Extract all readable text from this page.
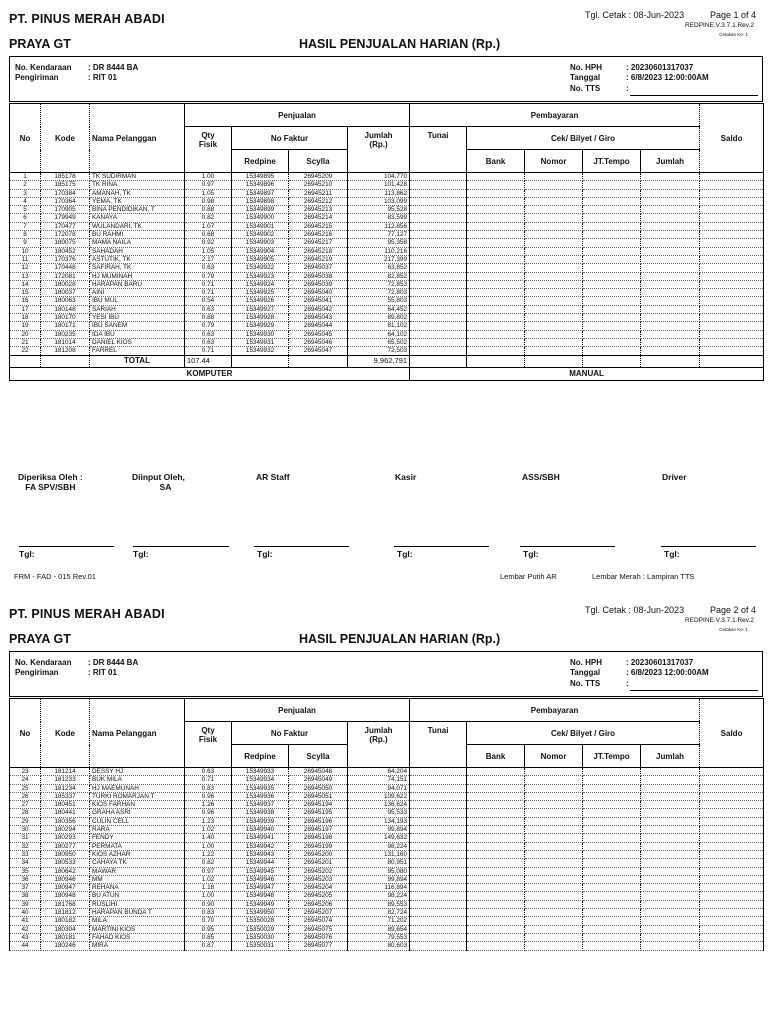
PT. PINUS MERAH ABADI
PRAYA GT	HASIL PENJUALAN HARIAN (Rp.)
Tgl. Cetak : 08-Jun-2023	Page 1 of 4
REDPINE.V.3.7.1.Rev.2
Cetakan Ke- 1
No. Kendaraan : DR 8444 BA
Pengiriman	: RIT 01
No. HPH	: 20230601317037
Tanggal	: 6/8/2023 12:00:00AM
No. TTS	:
No	Kode	Nama Pelanggan	Penjualan				Pembayaran					Saldo
			Qty
Fisik	No Faktur		Jumlah
(Rp.)	Tunai	Cek/ Bilyet / Giro				
				Redpine	Scylla			Bank	Nomor	JT.Tempo	Jumlah	
1	185178	TK SUDIRMAN	1.00	15349895	26945209	104,770						
2	185175	TK RINA	0.97	15349896	26945210	101,428						
3	170384	AMANAH, TK	1.05	15349897	26945211	113,862						
4	170364	YEMA, TK	0.98	15349898	26945212	103,099						
5	170905	BINA PENDIDIKAN, T	0.88	15349899	26945213	95,528						
6	179949	KANAYA	0.82	15349900	26945214	83,599						
7	170477	WULANDARI, TK	1.07	15349901	26945215	112,856						
8	172078	BU RAHMI	0.68	15349902	26945216	77,127						
9	180075	MAMA NAILA	0.92	15349903	26945217	95,358						
10	180452	SAHADAH	1.05	15349904	26945218	110,216						
11	170376	ASTUTIK, TK	2.17	15349905	26945219	217,399						
12	170448	SAFIRAH, TK	0.63	15349922	26945037	63,852						
13	172081	HJ MUMINAH	0.79	15349923	26945038	82,852						
14	180028	HARAPAN BARU	0.71	15349924	26945039	72,853						
15	180037	AINI	0.71	15349925	26945040	72,803						
16	180063	IBU MUL	0.54	15349926	26945041	55,803						
17	180148	SARIAH	0.63	15349927	26945042	64,452						
18	180170	YESI IBU	0.88	15349928	26945043	89,802						
19	180171	IBU SANEM	0.79	15349929	26945044	81,102						
20	180235	IDA IBU	0.63	15349930	26945045	64,102						
21	181014	DANIEL KIOS	0.63	15349931	26945046	65,502						
22	181208	FARREL	0.71	15349932	26945047	72,503						
		TOTAL	107.44			9,962,791						
KOMPUTER							MANUAL					
Diperiksa Oleh :
FA SPV/SBH
Diinput Oleh,
SA
AR Staff	Kasir	ASS/SBH	Driver
Tgl:	Tgl:	Tgl:	Tgl:	Tgl:	Tgl:
FRM - FAD - 015 Rev.01	Lembar Putih AR	Lembar Merah : Lampiran TTS
PT. PINUS MERAH ABADI
PRAYA GT	HASIL PENJUALAN HARIAN (Rp.)
Tgl. Cetak : 08-Jun-2023	Page 2 of 4
REDPINE.V.3.7.1.Rev.2
Cetakan Ke- 1
No. Kendaraan : DR 8444 BA
Pengiriman	: RIT 01
No. HPH	: 20230601317037
Tanggal	: 6/8/2023 12:00:00AM
No. TTS	:
No	Kode	Nama Pelanggan	Penjualan				Pembayaran					Saldo
			Qty
Fisik	No Faktur		Jumlah
(Rp.)	Tunai	Cek/ Bilyet / Giro				
				Redpine	Scylla			Bank	Nomor	JT.Tempo	Jumlah	
23	181214	DESSY HJ	0.63	15349933	26945048	64,204						
24	181233	BUK MILA	0.71	15349934	26945049	74,151						
25	181234	HJ MAEMUNAH	0.83	15349935	26945050	94,071						
26	185337	TURKI ROMARJAN T	0.96	15349936	26945051	109,622						
27	180451	KIOS FARHAN	1.26	15349937	26945194	136,624						
28	180441	GRAHA ASRI	0.96	15349938	26945195	95,533						
29	180356	CULIN CELL	1.23	15349939	26945196	134,193						
30	180294	RARA	1.02	15349940	26945197	99,894						
31	180293	FENDY	1.40	15349941	26945198	149,632						
32	180277	PERMATA	1.00	15349942	26945199	98,224						
33	180950	KIOS AZHAR	1.22	15349943	26945200	131,160						
34	180533	CAHAYA TK	0.82	15349944	26945201	80,951						
35	180642	MAWAR	0.97	15349945	26945202	95,080						
36	180946	MM	1.02	15349946	26945203	99,894						
37	180947	REHANA	1.18	15349947	26945204	116,894						
38	180948	BU ATUN	1.00	15349948	26945205	98,224						
39	181768	RUSLIHI	0.90	15349949	26945206	89,553						
40	181812	HARAPAN BUNDA T	0.83	15349950	26945207	82,724						
41	180182	MILA	0.70	15350028	26945074	71,202						
42	180304	MARTINI KIOS	0.95	15350029	26945075	89,654						
43	180181	FAHAD KIOS	0.85	15350030	26945076	79,553						
44	180246	MIRA	0.87	15350031	26945077	80,603						
